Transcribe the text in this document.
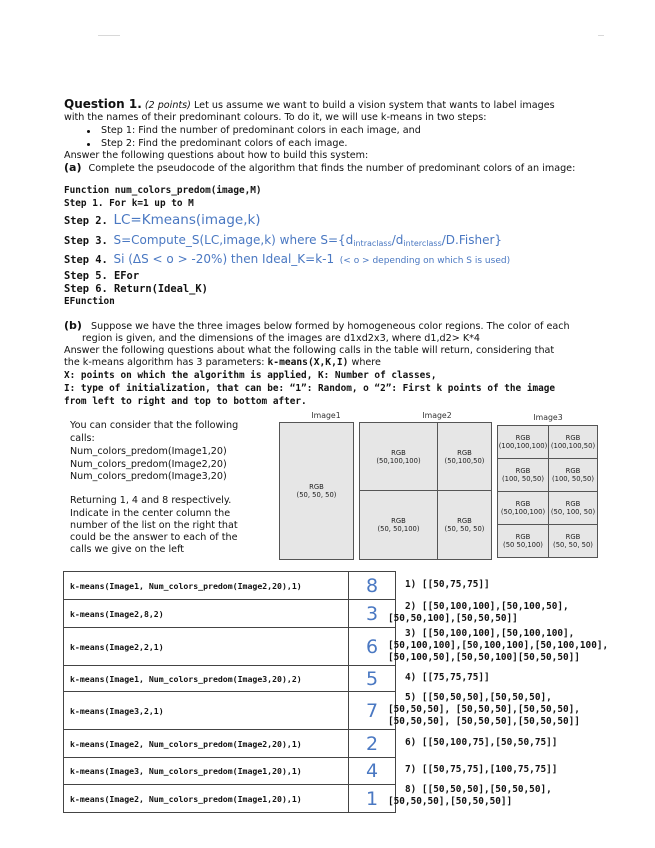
Question 1. (2 points) Let us assume we want to build a vision system that wants to label images
with the names of their predominant colours. To do it, we will use k-means in two steps:
Step 1: Find the number of predominant colors in each image, and
Step 2: Find the predominant colors of each image.
Answer the following questions about how to build this system:
(a) Complete the pseudocode of the algorithm that finds the number of predominant colors of an image:
Function num_colors_predom(image,M)
Step 1. For k=1 up to M
Step 2. LC=Kmeans(image,k)
Step 3. S=Compute_S(LC,image,k) where $S=\{d_{intraclass}/d_{interclass}/D.Fisher\}$
Step 4. Si (ΔS < o > -20%) then Ideal_K=k-1 (< o > depending on which S is used)
Step 5. EFor
Step 6. Return(Ideal_K)
EFunction
(b) Suppose we have the three images below formed by homogeneous color regions. The color of each
region is given, and the dimensions of the images are d1xd2x3, where d1,d2> K*4
Answer the following questions about what the following calls in the table will return, considering that
the k-means algorithm has 3 parameters: k-means(X,K,I) where
X: points on which the algorithm is applied, K: Number of classes,
I: type of initialization, that can be: “1”: Random, o “2”: First k points of the image
from left to right and top to bottom after.
You can consider that the following
calls:
Num_colors_predom(Image1,20)
Num_colors_predom(Image2,20)
Num_colors_predom(Image3,20)
Returning 1, 4 and 8 respectively.
Indicate in the center column the
number of the list on the right that
could be the answer to each of the
calls we give on the left
Image1
RGB
(50, 50, 50)
Image2
RGB
(50,100,100)
RGB
(50,100,50)
RGB
(50, 50,100)
RGB
(50, 50, 50)
Image3
RGB
(100,100,100)
RGB
(100,100,50)
RGB
(100, 50,50)
RGB
(100, 50,50)
RGB
(50,100,100)
RGB
(50, 100, 50)
RGB
(50 50,100)
RGB
(50, 50, 50)
k-means(Image1, Num_colors_predom(Image2,20),1)	8
k-means(Image2,8,2)	3
k-means(Image2,2,1)	6
k-means(Image1, Num_colors_predom(Image3,20),2)	5
k-means(Image3,2,1)	7
k-means(Image2, Num_colors_predom(Image2,20),1)	2
k-means(Image3, Num_colors_predom(Image1,20),1)	4
k-means(Image2, Num_colors_predom(Image1,20),1)	1
1) [[50,75,75]]
2) [[50,100,100],[50,100,50],
[50,50,100],[50,50,50]]
3) [[50,100,100],[50,100,100],
[50,100,100],[50,100,100],[50,100,100],
[50,100,50],[50,50,100][50,50,50]]
4) [[75,75,75]]
5) [[50,50,50],[50,50,50],
[50,50,50], [50,50,50],[50,50,50],
[50,50,50], [50,50,50],[50,50,50]]
6) [[50,100,75],[50,50,75]]
7) [[50,75,75],[100,75,75]]
8) [[50,50,50],[50,50,50],
[50,50,50],[50,50,50]]
